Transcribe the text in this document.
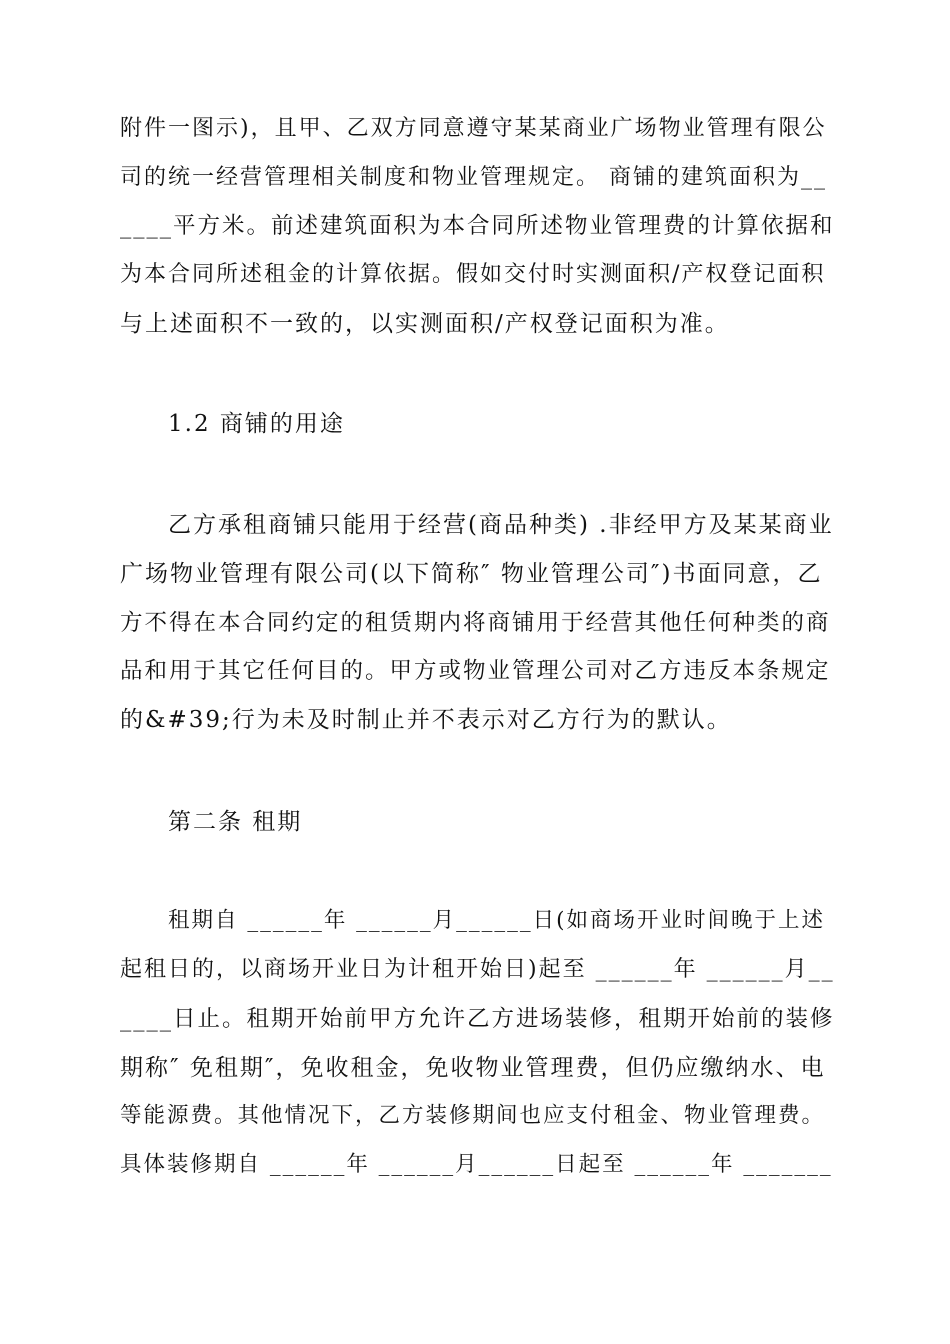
附件一图示)，且甲、乙双方同意遵守某某商业广场物业管理有限公
司的统一经营管理相关制度和物业管理规定。 商铺的建筑面积为__
____平方米。前述建筑面积为本合同所述物业管理费的计算依据和
为本合同所述租金的计算依据。假如交付时实测面积/产权登记面积
与上述面积不一致的，以实测面积/产权登记面积为准。
1.2 商铺的用途
乙方承租商铺只能用于经营(商品种类) .非经甲方及某某商业
广场物业管理有限公司(以下简称″ 物业管理公司″)书面同意，乙
方不得在本合同约定的租赁期内将商铺用于经营其他任何种类的商
品和用于其它任何目的。甲方或物业管理公司对乙方违反本条规定
的&#39;行为未及时制止并不表示对乙方行为的默认。
第二条 租期
租期自 ______年 ______月______日(如商场开业时间晚于上述
起租日的，以商场开业日为计租开始日)起至 ______年 ______月__
____日止。租期开始前甲方允许乙方进场装修，租期开始前的装修
期称″ 免租期″，免收租金，免收物业管理费，但仍应缴纳水、电
等能源费。其他情况下，乙方装修期间也应支付租金、物业管理费。
具体装修期自 ______年 ______月______日起至 ______年 _______
